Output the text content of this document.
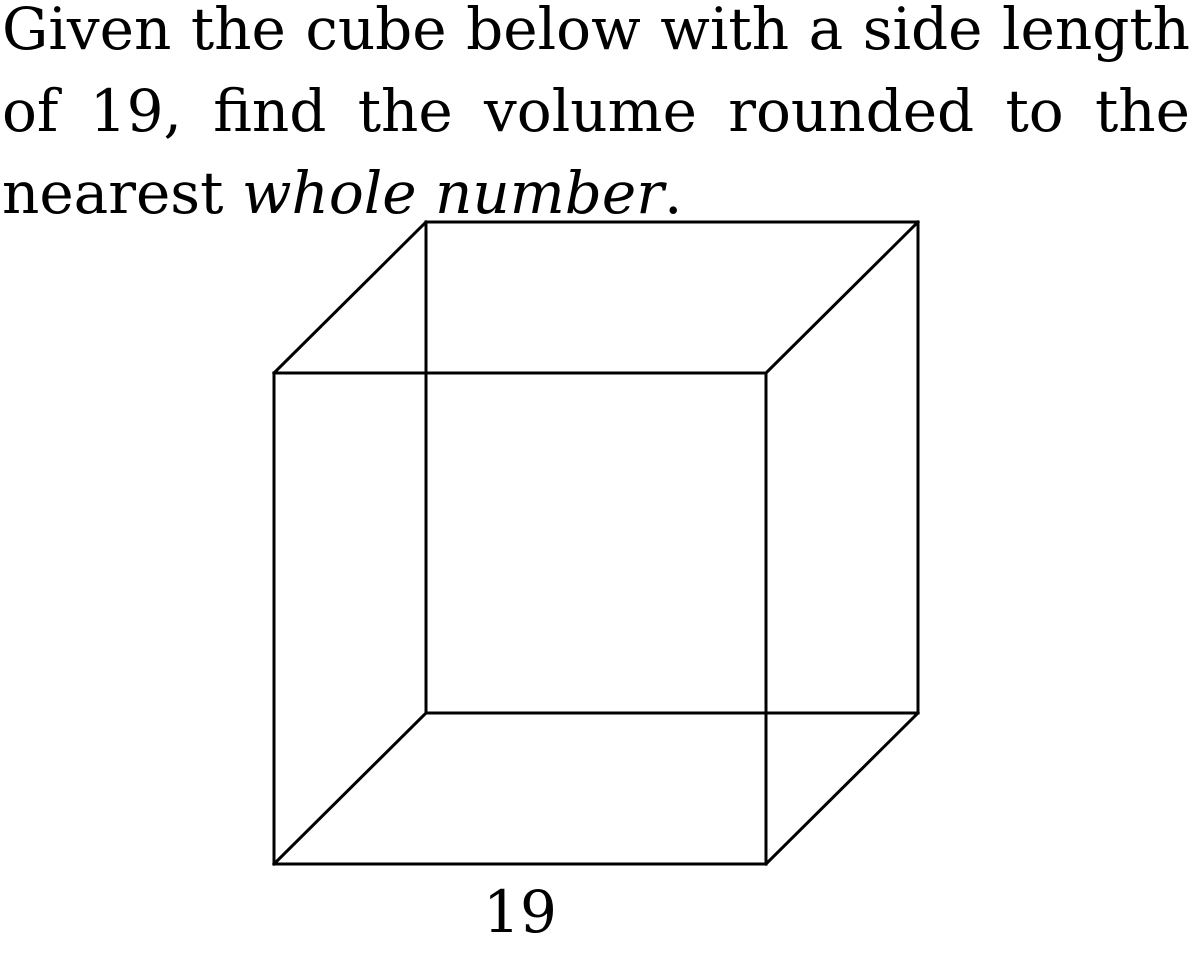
Given the cube below with a side length of 19, find the volume rounded to the nearest whole number.

19
